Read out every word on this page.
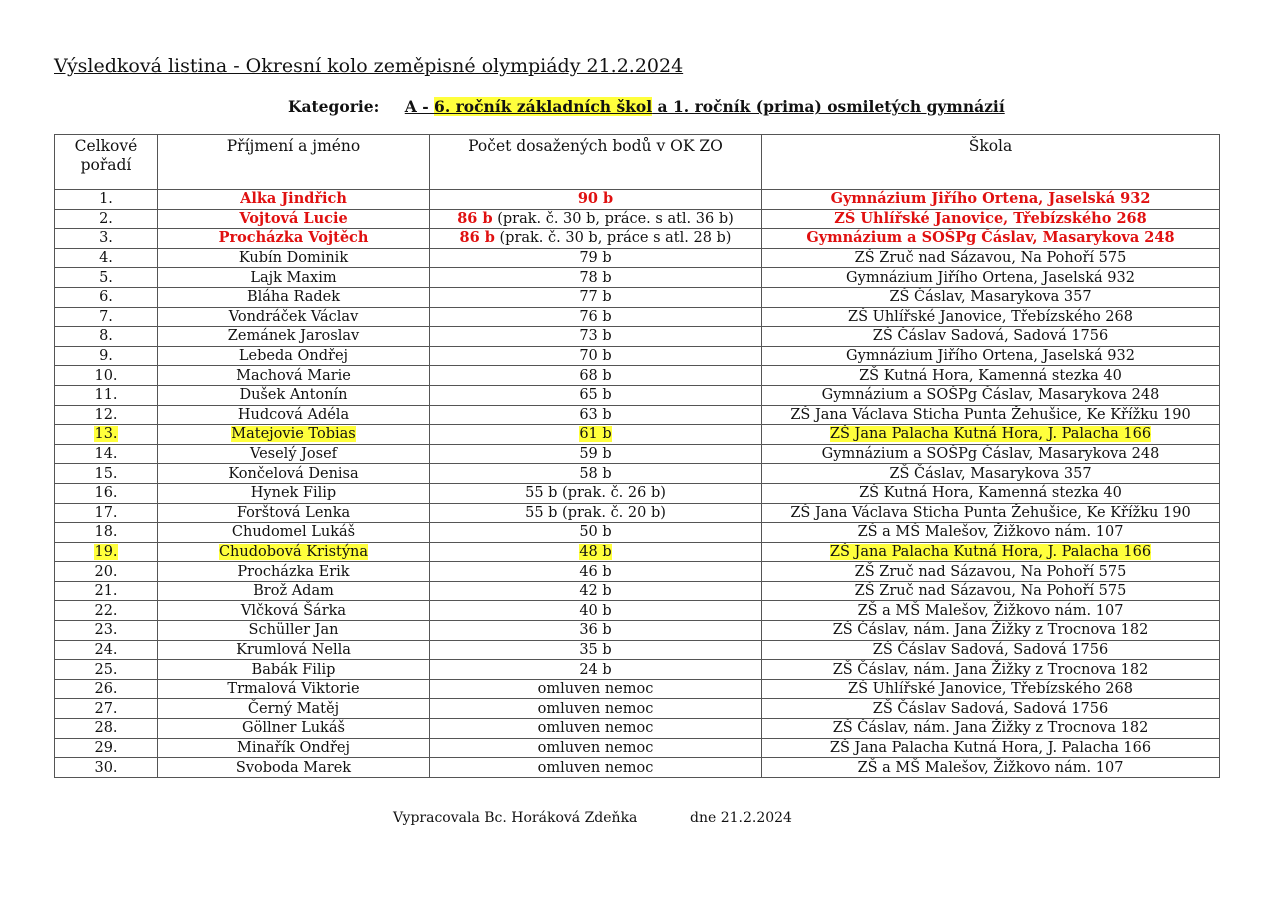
Výsledková listina - Okresní kolo zeměpisné olympiády 21.2.2024
Kategorie: A - 6. ročník základních škol a 1. ročník (prima) osmiletých gymnázií
Celkové pořadí	Příjmení a jméno	Počet dosažených bodů v OK ZO	Škola
1.	Alka Jindřich	90 b	Gymnázium Jiřího Ortena, Jaselská 932
2.	Vojtová Lucie	86 b (prak. č. 30 b, práce. s atl. 36 b)	ZŠ Uhlířské Janovice, Třebízského 268
3.	Procházka Vojtěch	86 b (prak. č. 30 b, práce s atl. 28 b)	Gymnázium a SOŠPg Čáslav, Masarykova 248
4.	Kubín Dominik	79 b	ZŠ Zruč nad Sázavou, Na Pohoří 575
5.	Lajk Maxim	78 b	Gymnázium Jiřího Ortena, Jaselská 932
6.	Bláha Radek	77 b	ZŠ Čáslav, Masarykova 357
7.	Vondráček Václav	76 b	ZŠ Uhlířské Janovice, Třebízského 268
8.	Zemánek Jaroslav	73 b	ZŠ Čáslav Sadová, Sadová 1756
9.	Lebeda Ondřej	70 b	Gymnázium Jiřího Ortena, Jaselská 932
10.	Machová Marie	68 b	ZŠ Kutná Hora, Kamenná stezka 40
11.	Dušek Antonín	65 b	Gymnázium a SOŠPg Čáslav, Masarykova 248
12.	Hudcová Adéla	63 b	ZŠ Jana Václava Sticha Punta Žehušice, Ke Křížku 190
13.	Matejovie Tobias	61 b	ZŠ Jana Palacha Kutná Hora, J. Palacha 166
14.	Veselý Josef	59 b	Gymnázium a SOŠPg Čáslav, Masarykova 248
15.	Končelová Denisa	58 b	ZŠ Čáslav, Masarykova 357
16.	Hynek Filip	55 b (prak. č. 26 b)	ZŠ Kutná Hora, Kamenná stezka 40
17.	Forštová Lenka	55 b (prak. č. 20 b)	ZŠ Jana Václava Sticha Punta Žehušice, Ke Křížku 190
18.	Chudomel Lukáš	50 b	ZŠ a MŠ Malešov, Žižkovo nám. 107
19.	Chudobová Kristýna	48 b	ZŠ Jana Palacha Kutná Hora, J. Palacha 166
20.	Procházka Erik	46 b	ZŠ Zruč nad Sázavou, Na Pohoří 575
21.	Brož Adam	42 b	ZŠ Zruč nad Sázavou, Na Pohoří 575
22.	Vlčková Šárka	40 b	ZŠ a MŠ Malešov, Žižkovo nám. 107
23.	Schüller Jan	36 b	ZŠ Čáslav, nám. Jana Žižky z Trocnova 182
24.	Krumlová Nella	35 b	ZŠ Čáslav Sadová, Sadová 1756
25.	Babák Filip	24 b	ZŠ Čáslav, nám. Jana Žižky z Trocnova 182
26.	Trmalová Viktorie	omluven nemoc	ZŠ Uhlířské Janovice, Třebízského 268
27.	Černý Matěj	omluven nemoc	ZŠ Čáslav Sadová, Sadová 1756
28.	Göllner Lukáš	omluven nemoc	ZŠ Čáslav, nám. Jana Žižky z Trocnova 182
29.	Minařík Ondřej	omluven nemoc	ZŠ Jana Palacha Kutná Hora, J. Palacha 166
30.	Svoboda Marek	omluven nemoc	ZŠ a MŠ Malešov, Žižkovo nám. 107
Vypracovala Bc. Horáková Zdeňka	dne 21.2.2024
